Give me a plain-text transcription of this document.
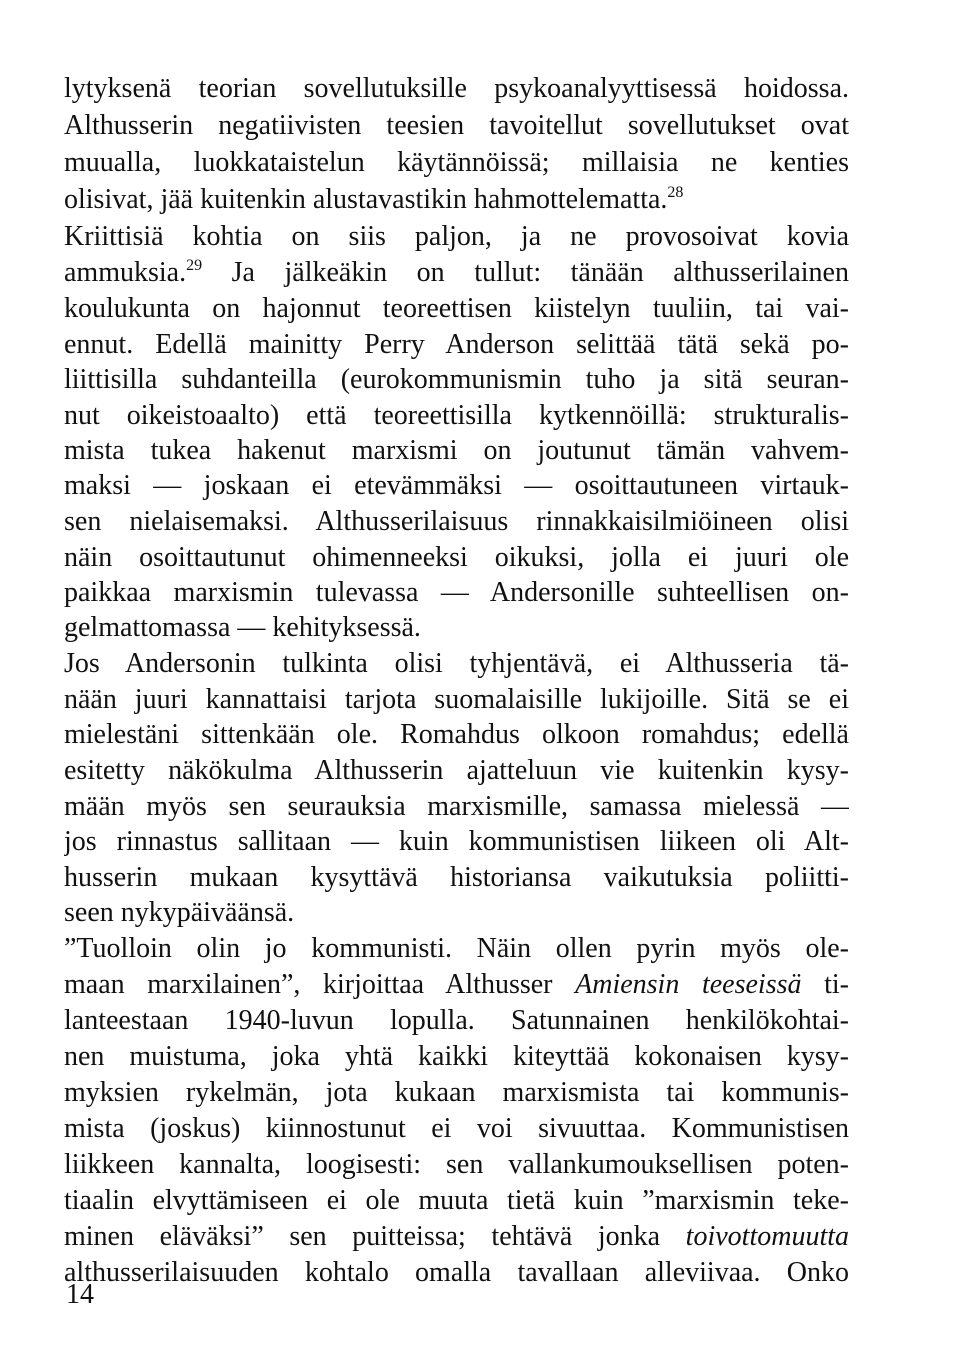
lytyksenä teorian sovellutuksille psykoanalyyttisessä hoidossa.
Althusserin negatiivisten teesien tavoitellut sovellutukset ovat
muualla, luokkataistelun käytännöissä; millaisia ne kenties
olisivat, jää kuitenkin alustavastikin hahmottelematta.$^{28}$
Kriittisiä kohtia on siis paljon, ja ne provosoivat kovia
ammuksia.$^{29}$ Ja jälkeäkin on tullut: tänään althusserilainen
koulukunta on hajonnut teoreettisen kiistelyn tuuliin, tai vai-
ennut. Edellä mainitty Perry Anderson selittää tätä sekä po-
liittisilla suhdanteilla (eurokommunismin tuho ja sitä seuran-
nut oikeistoaalto) että teoreettisilla kytkennöillä: strukturalis-
mista tukea hakenut marxismi on joutunut tämän vahvem-
maksi — joskaan ei etevämmäksi — osoittautuneen virtauk-
sen nielaisemaksi. Althusserilaisuus rinnakkaisilmiöineen olisi
näin osoittautunut ohimenneeksi oikuksi, jolla ei juuri ole
paikkaa marxismin tulevassa — Andersonille suhteellisen on-
gelmattomassa — kehityksessä.
Jos Andersonin tulkinta olisi tyhjentävä, ei Althusseria tä-
nään juuri kannattaisi tarjota suomalaisille lukijoille. Sitä se ei
mielestäni sittenkään ole. Romahdus olkoon romahdus; edellä
esitetty näkökulma Althusserin ajatteluun vie kuitenkin kysy-
mään myös sen seurauksia marxismille, samassa mielessä —
jos rinnastus sallitaan — kuin kommunistisen liikeen oli Alt-
husserin mukaan kysyttävä historiansa vaikutuksia poliitti-
seen nykypäiväänsä.
”Tuolloin olin jo kommunisti. Näin ollen pyrin myös ole-
maan marxilainen”, kirjoittaa Althusser Amiensin teeseissä ti-
lanteestaan 1940-luvun lopulla. Satunnainen henkilökohtai-
nen muistuma, joka yhtä kaikki kiteyttää kokonaisen kysy-
myksien rykelmän, jota kukaan marxismista tai kommunis-
mista (joskus) kiinnostunut ei voi sivuuttaa. Kommunistisen
liikkeen kannalta, loogisesti: sen vallankumouksellisen poten-
tiaalin elvyttämiseen ei ole muuta tietä kuin ”marxismin teke-
minen eläväksi” sen puitteissa; tehtävä jonka toivottomuutta
althusserilaisuuden kohtalo omalla tavallaan alleviivaa. Onko
14
